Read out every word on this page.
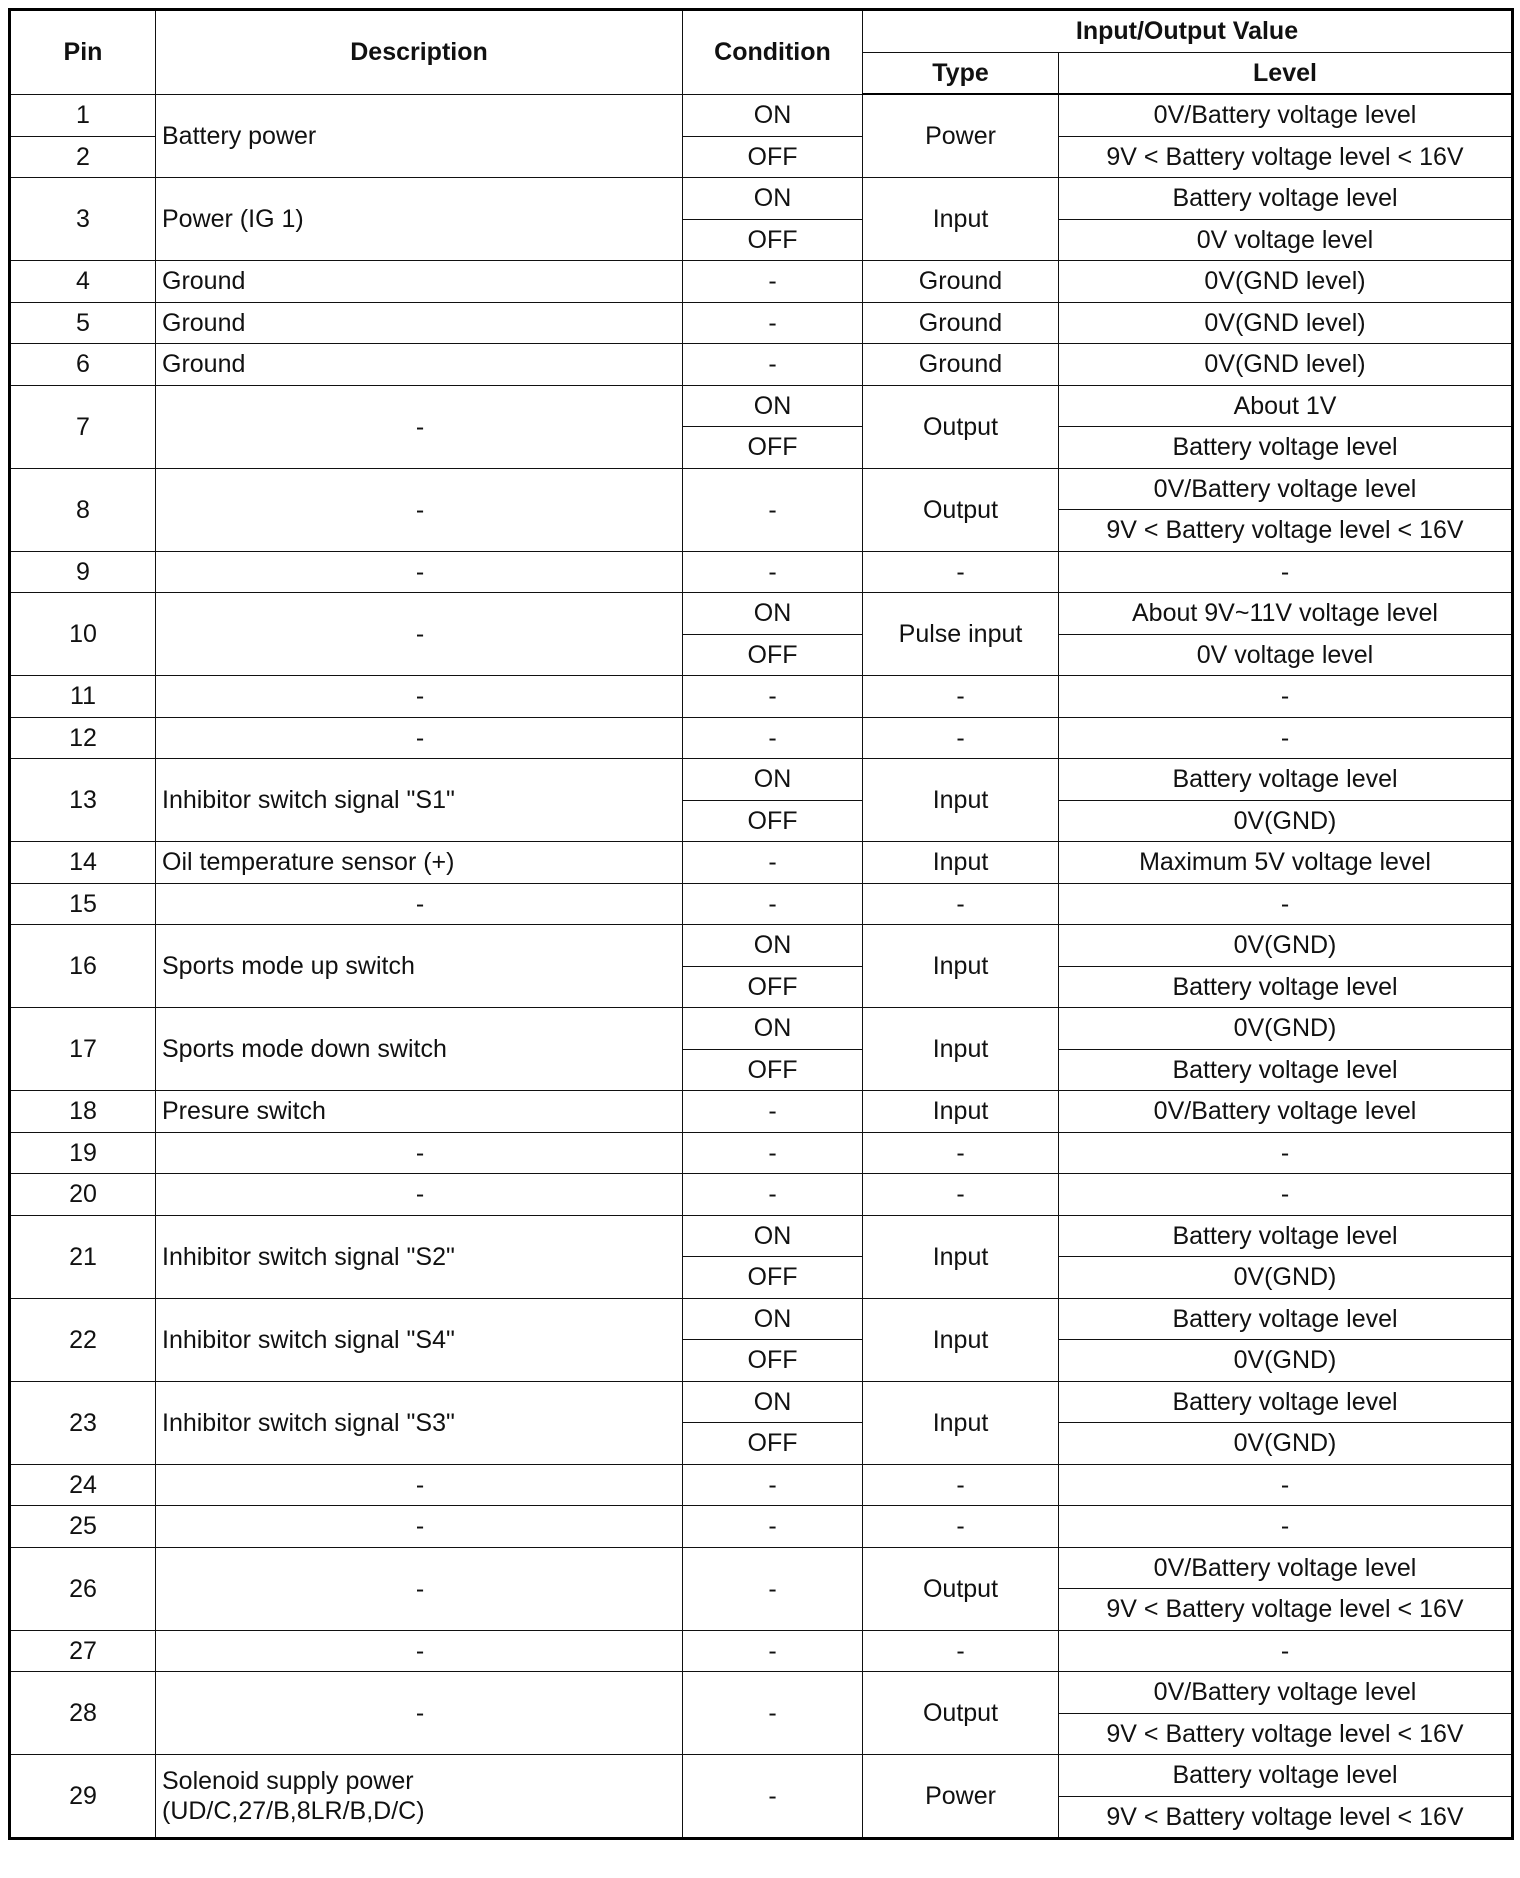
Pin	Description	Condition	Input/Output Value	
			Type	Level
1	Battery power	ON	Power	0V/Battery voltage level
2		OFF		9V < Battery voltage level < 16V
3	Power (IG 1)	ON	Input	Battery voltage level
		OFF		0V voltage level
4	Ground	-	Ground	0V(GND level)
5	Ground	-	Ground	0V(GND level)
6	Ground	-	Ground	0V(GND level)
7	-	ON	Output	About 1V
		OFF		Battery voltage level
8	-	-	Output	0V/Battery voltage level
				9V < Battery voltage level < 16V
9	-	-	-	-
10	-	ON	Pulse input	About 9V~11V voltage level
		OFF		0V voltage level
11	-	-	-	-
12	-	-	-	-
13	Inhibitor switch signal "S1"	ON	Input	Battery voltage level
		OFF		0V(GND)
14	Oil temperature sensor (+)	-	Input	Maximum 5V voltage level
15	-	-	-	-
16	Sports mode up switch	ON	Input	0V(GND)
		OFF		Battery voltage level
17	Sports mode down switch	ON	Input	0V(GND)
		OFF		Battery voltage level
18	Presure switch	-	Input	0V/Battery voltage level
19	-	-	-	-
20	-	-	-	-
21	Inhibitor switch signal "S2"	ON	Input	Battery voltage level
		OFF		0V(GND)
22	Inhibitor switch signal "S4"	ON	Input	Battery voltage level
		OFF		0V(GND)
23	Inhibitor switch signal "S3"	ON	Input	Battery voltage level
		OFF		0V(GND)
24	-	-	-	-
25	-	-	-	-
26	-	-	Output	0V/Battery voltage level
				9V < Battery voltage level < 16V
27	-	-	-	-
28	-	-	Output	0V/Battery voltage level
				9V < Battery voltage level < 16V
29	Solenoid supply power (UD/C,27/B,8LR/B,D/C)	-	Power	Battery voltage level
				9V < Battery voltage level < 16V
